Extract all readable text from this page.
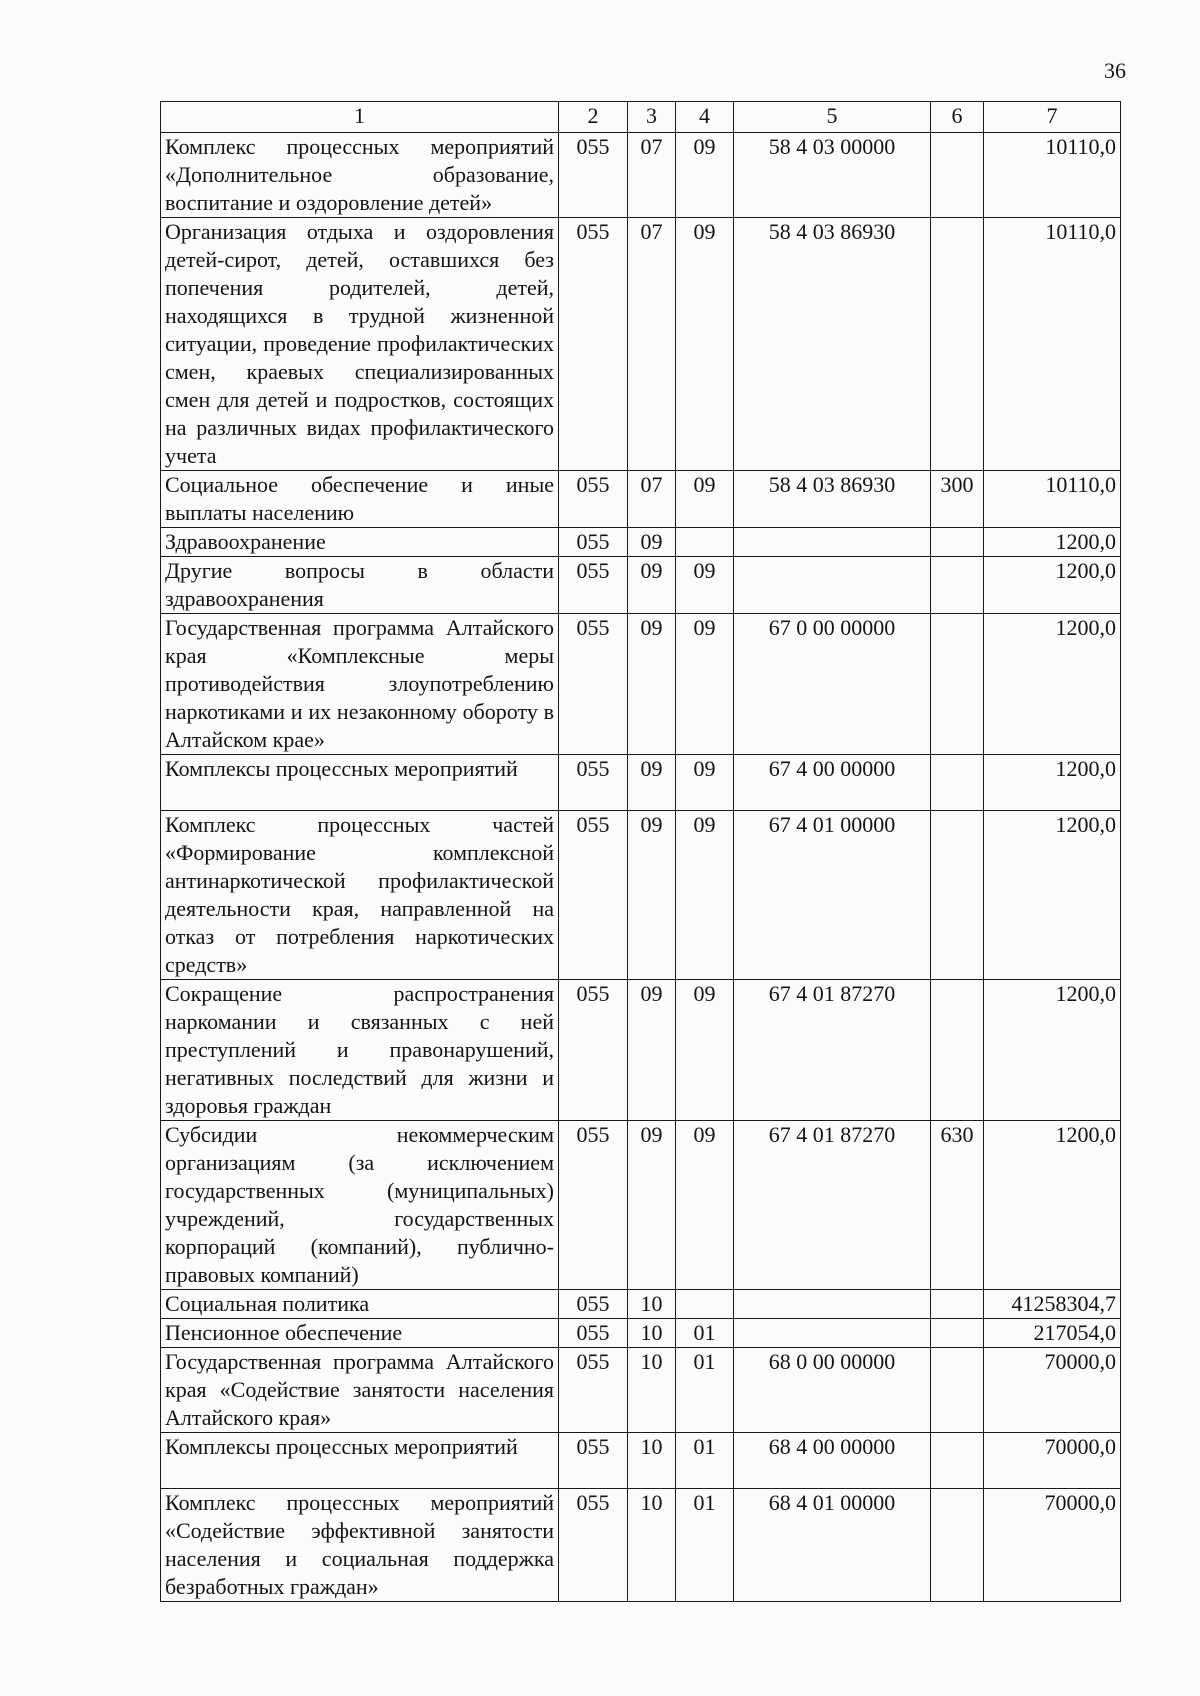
36
1	2	3	4	5	6	7
Комплекс процессных мероприятий «Дополнительное образование, воспитание и оздоровление детей»	055	07	09	58 4 03 00000		10110,0
Организация отдыха и оздоровления детей-сирот, детей, оставшихся без попечения родителей, детей, находящихся в трудной жизненной ситуации, проведение профилактических смен, краевых специализированных смен для детей и подростков, состоящих на различных видах профилактического учета	055	07	09	58 4 03 86930		10110,0
Социальное обеспечение и иные выплаты населению	055	07	09	58 4 03 86930	300	10110,0
Здравоохранение	055	09				1200,0
Другие вопросы в области здравоохранения	055	09	09			1200,0
Государственная программа Алтайского края «Комплексные меры противодействия злоупотреблению наркотиками и их незаконному обороту в Алтайском крае»	055	09	09	67 0 00 00000		1200,0
Комплексы процессных мероприятий	055	09	09	67 4 00 00000		1200,0
Комплекс процессных частей «Формирование комплексной антинаркотической профилактической деятельности края, направленной на отказ от потребления наркотических средств»	055	09	09	67 4 01 00000		1200,0
Сокращение распространения наркомании и связанных с ней преступлений и правонарушений, негативных последствий для жизни и здоровья граждан	055	09	09	67 4 01 87270		1200,0
Субсидии некоммерческим организациям (за исключением государственных (муниципальных) учреждений, государственных корпораций (компаний), публично-правовых компаний)	055	09	09	67 4 01 87270	630	1200,0
Социальная политика	055	10				41258304,7
Пенсионное обеспечение	055	10	01			217054,0
Государственная программа Алтайского края «Содействие занятости населения Алтайского края»	055	10	01	68 0 00 00000		70000,0
Комплексы процессных мероприятий	055	10	01	68 4 00 00000		70000,0
Комплекс процессных мероприятий «Содействие эффективной занятости населения и социальная поддержка безработных граждан»	055	10	01	68 4 01 00000		70000,0
